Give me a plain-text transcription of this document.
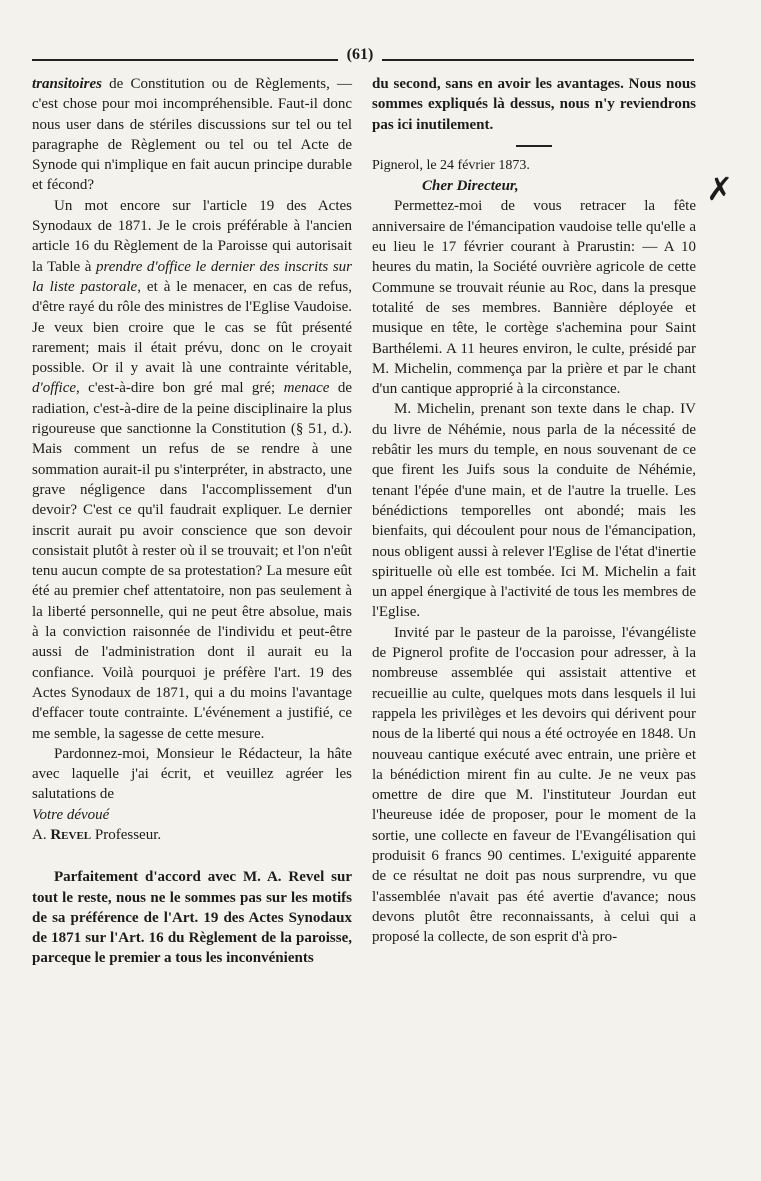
(61)
✗

transitoires de Constitution ou de Règlements, — c'est chose pour moi incompréhensible. Faut-il donc nous user dans de stériles discussions sur tel ou tel paragraphe de Règlement ou tel ou tel Acte de Synode qui n'implique en fait aucun principe durable et fécond?

Un mot encore sur l'article 19 des Actes Synodaux de 1871. Je le crois préférable à l'ancien article 16 du Règlement de la Paroisse qui autorisait la Table à prendre d'office le dernier des inscrits sur la liste pastorale, et à le menacer, en cas de refus, d'être rayé du rôle des ministres de l'Eglise Vaudoise. Je veux bien croire que le cas se fût présenté rarement; mais il était prévu, donc on le croyait possible. Or il y avait là une contrainte véritable, d'office, c'est-à-dire bon gré mal gré; menace de radiation, c'est-à-dire de la peine disciplinaire la plus rigoureuse que sanctionne la Constitution (§ 51, d.). Mais comment un refus de se rendre à une sommation aurait-il pu s'interpréter, in abstracto, une grave négligence dans l'accomplissement d'un devoir? C'est ce qu'il faudrait expliquer. Le dernier inscrit aurait pu avoir conscience que son devoir consistait plutôt à rester où il se trouvait; et l'on n'eût tenu aucun compte de sa protestation? La mesure eût été au premier chef attentatoire, non pas seulement à la liberté personnelle, qui ne peut être absolue, mais à la conviction raisonnée de l'individu et peut-être aussi de l'administration dont il aurait eu la confiance. Voilà pourquoi je préfère l'art. 19 des Actes Synodaux de 1871, qui a du moins l'avantage d'effacer toute contrainte. L'événement a justifié, ce me semble, la sagesse de cette mesure.

Pardonnez-moi, Monsieur le Rédacteur, la hâte avec laquelle j'ai écrit, et veuillez agréer les salutations de

Votre dévoué

A. Revel Professeur.

Parfaitement d'accord avec M. A. Revel sur tout le reste, nous ne le sommes pas sur les motifs de sa préférence de l'Art. 19 des Actes Synodaux de 1871 sur l'Art. 16 du Règlement de la paroisse, parceque le premier a tous les inconvénients

du second, sans en avoir les avantages. Nous nous sommes expliqués là dessus, nous n'y reviendrons pas ici inutilement.

Pignerol, le 24 février 1873.

Cher Directeur,

Permettez-moi de vous retracer la fête anniversaire de l'émancipation vaudoise telle qu'elle a eu lieu le 17 février courant à Prarustin: — A 10 heures du matin, la Société ouvrière agricole de cette Commune se trouvait réunie au Roc, dans la presque totalité de ses membres. Bannière déployée et musique en tête, le cortège s'achemina pour Saint Barthélemi. A 11 heures environ, le culte, présidé par M. Michelin, commença par la prière et par le chant d'un cantique approprié à la circonstance.

M. Michelin, prenant son texte dans le chap. IV du livre de Néhémie, nous parla de la nécessité de rebâtir les murs du temple, en nous souvenant de ce que firent les Juifs sous la conduite de Néhémie, tenant l'épée d'une main, et de l'autre la truelle. Les bénédictions temporelles ont abondé; mais les bienfaits, qui découlent pour nous de l'émancipation, nous obligent aussi à relever l'Eglise de l'état d'inertie spirituelle où elle est tombée. Ici M. Michelin a fait un appel énergique à l'activité de tous les membres de l'Eglise.

Invité par le pasteur de la paroisse, l'évangéliste de Pignerol profite de l'occasion pour adresser, à la nombreuse assemblée qui assistait attentive et recueillie au culte, quelques mots dans lesquels il lui rappela les privilèges et les devoirs qui dérivent pour nous de la liberté qui nous a été octroyée en 1848. Un nouveau cantique exécuté avec entrain, une prière et la bénédiction mirent fin au culte. Je ne veux pas omettre de dire que M. l'instituteur Jourdan eut l'heureuse idée de proposer, pour le moment de la sortie, une collecte en faveur de l'Evangélisation qui produisit 6 francs 90 centimes. L'exiguité apparente de ce résultat ne doit pas nous surprendre, vu que l'assemblée n'avait pas été avertie d'avance; nous devons plutôt être reconnaissants, à celui qui a proposé la collecte, de son esprit d'à pro-
